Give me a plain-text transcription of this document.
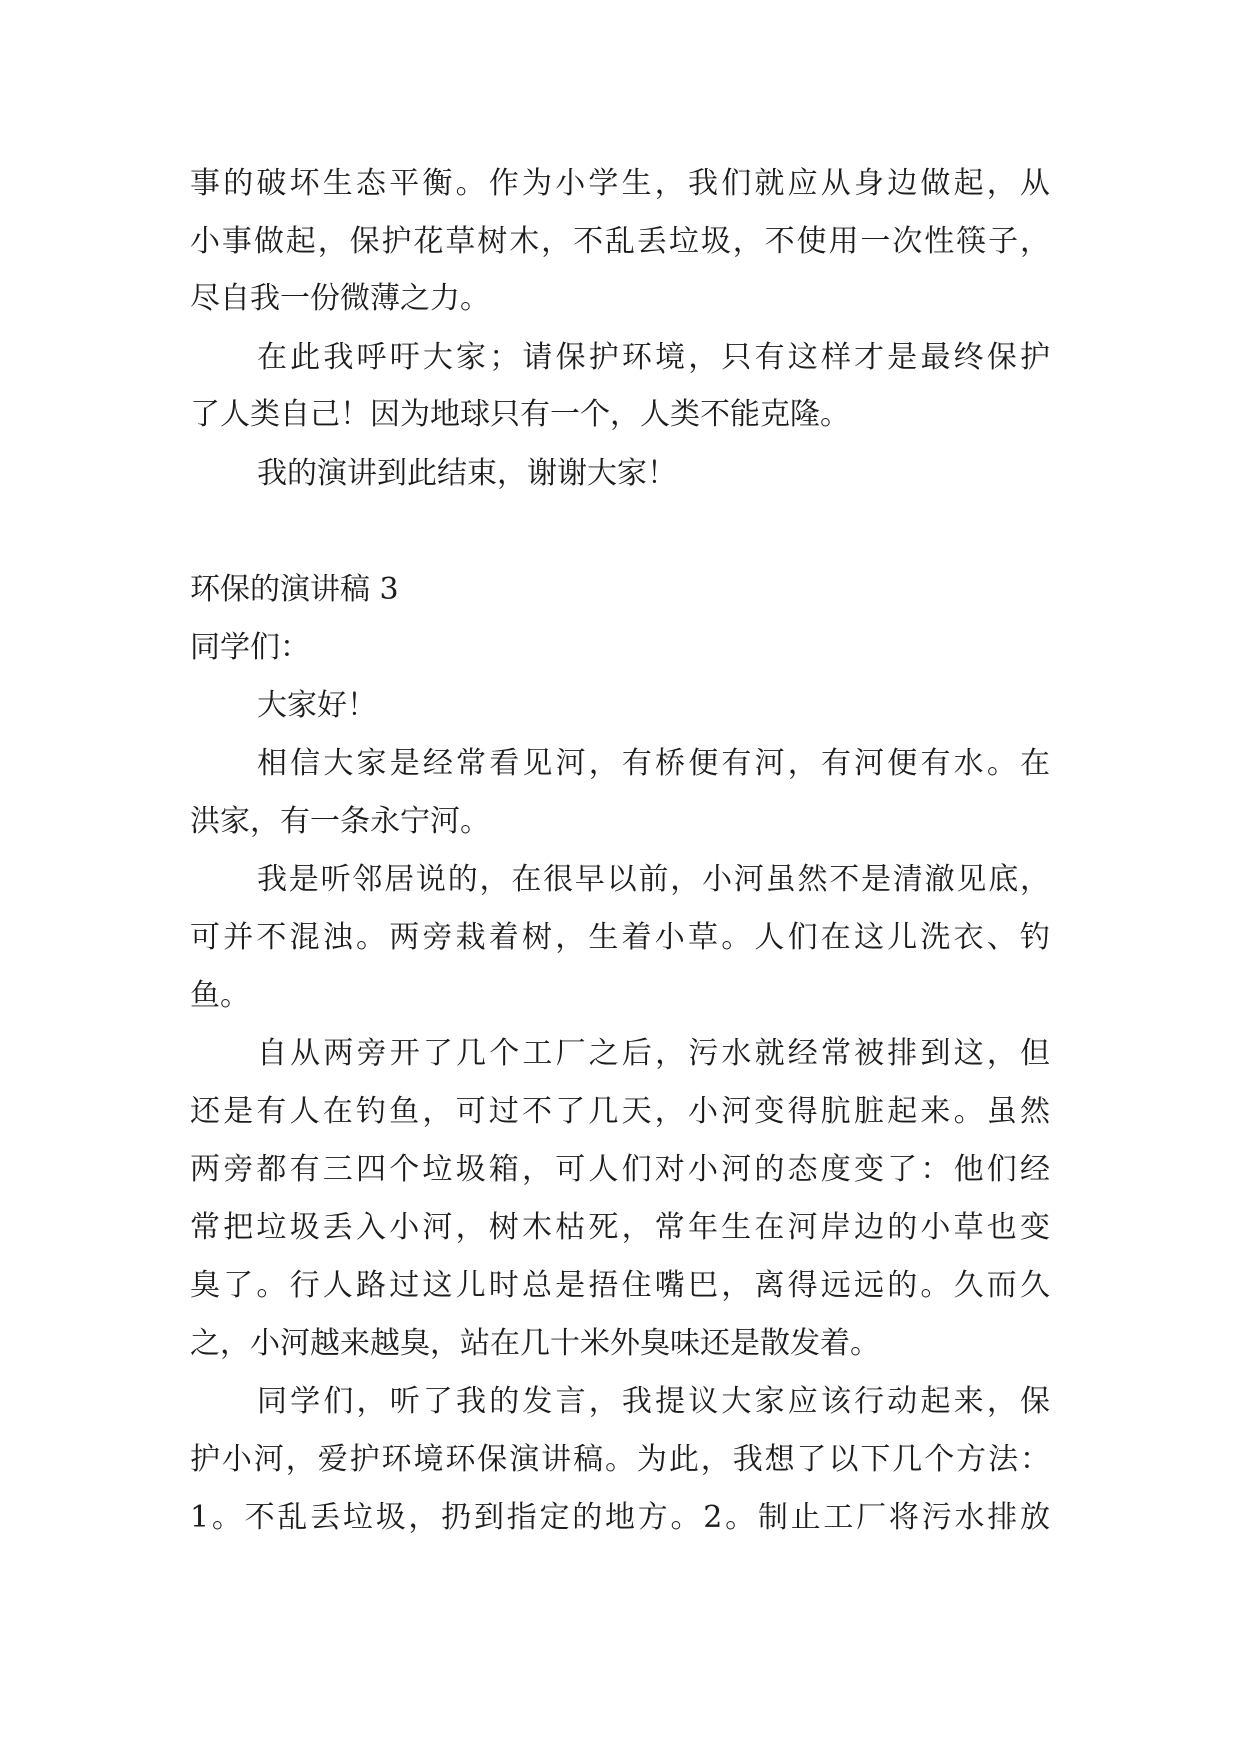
事的破坏生态平衡。作为小学生，我们就应从身边做起，从
小事做起，保护花草树木，不乱丢垃圾，不使用一次性筷子，
尽自我一份微薄之力。
在此我呼吁大家；请保护环境，只有这样才是最终保护
了人类自己！因为地球只有一个，人类不能克隆。
我的演讲到此结束，谢谢大家！
环保的演讲稿 3
同学们：
大家好！
相信大家是经常看见河，有桥便有河，有河便有水。在
洪家，有一条永宁河。
我是听邻居说的，在很早以前，小河虽然不是清澈见底，
可并不混浊。两旁栽着树，生着小草。人们在这儿洗衣、钓
鱼。
自从两旁开了几个工厂之后，污水就经常被排到这，但
还是有人在钓鱼，可过不了几天，小河变得肮脏起来。虽然
两旁都有三四个垃圾箱，可人们对小河的态度变了：他们经
常把垃圾丢入小河，树木枯死，常年生在河岸边的小草也变
臭了。行人路过这儿时总是捂住嘴巴，离得远远的。久而久
之，小河越来越臭，站在几十米外臭味还是散发着。
同学们，听了我的发言，我提议大家应该行动起来，保
护小河，爱护环境环保演讲稿。为此，我想了以下几个方法：
1。不乱丢垃圾，扔到指定的地方。2。制止工厂将污水排放
